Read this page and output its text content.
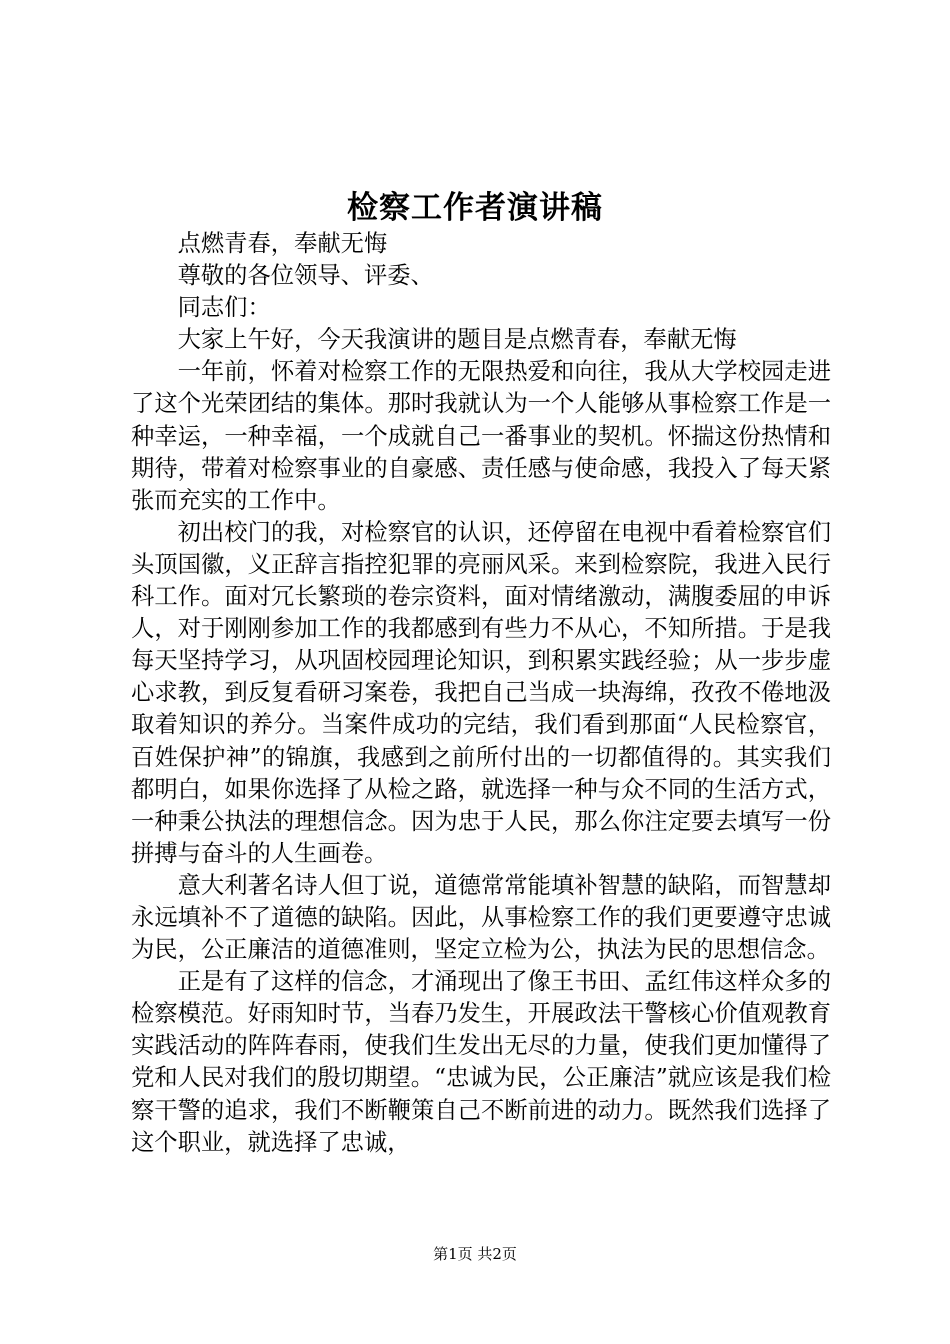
检察工作者演讲稿

点燃青春，奉献无悔

尊敬的各位领导、评委、

同志们：

大家上午好，今天我演讲的题目是点燃青春，奉献无悔

一年前，怀着对检察工作的无限热爱和向往，我从大学校园走进了这个光荣团结的集体。那时我就认为一个人能够从事检察工作是一种幸运，一种幸福，一个成就自己一番事业的契机。怀揣这份热情和期待，带着对检察事业的自豪感、责任感与使命感，我投入了每天紧张而充实的工作中。

初出校门的我，对检察官的认识，还停留在电视中看着检察官们头顶国徽，义正辞言指控犯罪的亮丽风采。来到检察院，我进入民行科工作。面对冗长繁琐的卷宗资料，面对情绪激动，满腹委屈的申诉人，对于刚刚参加工作的我都感到有些力不从心，不知所措。于是我每天坚持学习，从巩固校园理论知识，到积累实践经验；从一步步虚心求教，到反复看研习案卷，我把自己当成一块海绵，孜孜不倦地汲取着知识的养分。当案件成功的完结，我们看到那面“人民检察官，百姓保护神”的锦旗，我感到之前所付出的一切都值得的。其实我们都明白，如果你选择了从检之路，就选择一种与众不同的生活方式，一种秉公执法的理想信念。因为忠于人民，那么你注定要去填写一份拼搏与奋斗的人生画卷。

意大利著名诗人但丁说，道德常常能填补智慧的缺陷，而智慧却永远填补不了道德的缺陷。因此，从事检察工作的我们更要遵守忠诚为民，公正廉洁的道德准则，坚定立检为公，执法为民的思想信念。

正是有了这样的信念，才涌现出了像王书田、孟红伟这样众多的检察模范。好雨知时节，当春乃发生，开展政法干警核心价值观教育实践活动的阵阵春雨，使我们生发出无尽的力量，使我们更加懂得了党和人民对我们的殷切期望。“忠诚为民，公正廉洁”就应该是我们检察干警的追求，我们不断鞭策自己不断前进的动力。既然我们选择了这个职业，就选择了忠诚，

第1页 共2页
